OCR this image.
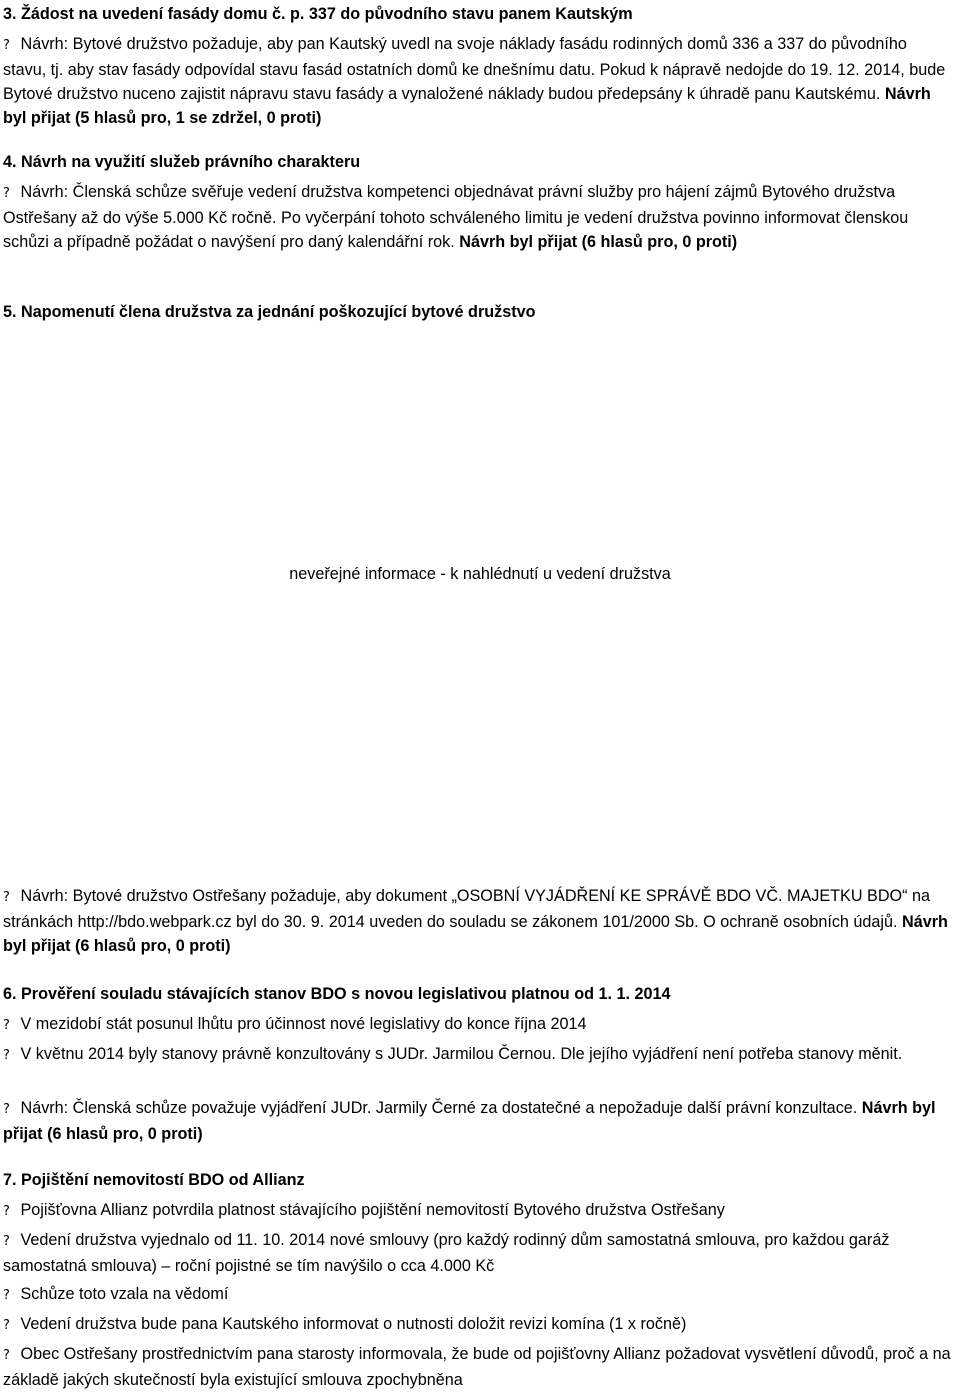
3. Žádost na uvedení fasády domu č. p. 337 do původního stavu panem Kautským

? Návrh: Bytové družstvo požaduje, aby pan Kautský uvedl na svoje náklady fasádu rodinných domů 336 a 337 do původního stavu, tj. aby stav fasády odpovídal stavu fasád ostatních domů ke dnešnímu datu. Pokud k nápravě nedojde do 19. 12. 2014, bude Bytové družstvo nuceno zajistit nápravu stavu fasády a vynaložené náklady budou předepsány k úhradě panu Kautskému. Návrh byl přijat (5 hlasů pro, 1 se zdržel, 0 proti)

4. Návrh na využití služeb právního charakteru

? Návrh: Členská schůze svěřuje vedení družstva kompetenci objednávat právní služby pro hájení zájmů Bytového družstva Ostřešany až do výše 5.000 Kč ročně. Po vyčerpání tohoto schváleného limitu je vedení družstva povinno informovat členskou schůzi a případně požádat o navýšení pro daný kalendářní rok. Návrh byl přijat (6 hlasů pro, 0 proti)

5. Napomenutí člena družstva za jednání poškozující bytové družstvo

neveřejné informace - k nahlédnutí u vedení družstva

? Návrh: Bytové družstvo Ostřešany požaduje, aby dokument „OSOBNÍ VYJÁDŘENÍ KE SPRÁVĚ BDO VČ. MAJETKU BDO“ na stránkách http://bdo.webpark.cz byl do 30. 9. 2014 uveden do souladu se zákonem 101/2000 Sb. O ochraně osobních údajů. Návrh byl přijat (6 hlasů pro, 0 proti)

6. Prověření souladu stávajících stanov BDO s novou legislativou platnou od 1. 1. 2014

? V mezidobí stát posunul lhůtu pro účinnost nové legislativy do konce října 2014

? V květnu 2014 byly stanovy právně konzultovány s JUDr. Jarmilou Černou. Dle jejího vyjádření není potřeba stanovy měnit.

? Návrh: Členská schůze považuje vyjádření JUDr. Jarmily Černé za dostatečné a nepožaduje další právní konzultace. Návrh byl přijat (6 hlasů pro, 0 proti)

7. Pojištění nemovitostí BDO od Allianz

? Pojišťovna Allianz potvrdila platnost stávajícího pojištění nemovitostí Bytového družstva Ostřešany

? Vedení družstva vyjednalo od 11. 10. 2014 nové smlouvy (pro každý rodinný dům samostatná smlouva, pro každou garáž samostatná smlouva) – roční pojistné se tím navýšilo o cca 4.000 Kč

? Schůze toto vzala na vědomí

? Vedení družstva bude pana Kautského informovat o nutnosti doložit revizi komína (1 x ročně)

? Obec Ostřešany prostřednictvím pana starosty informovala, že bude od pojišťovny Allianz požadovat vysvětlení důvodů, proč a na základě jakých skutečností byla existující smlouva zpochybněna
